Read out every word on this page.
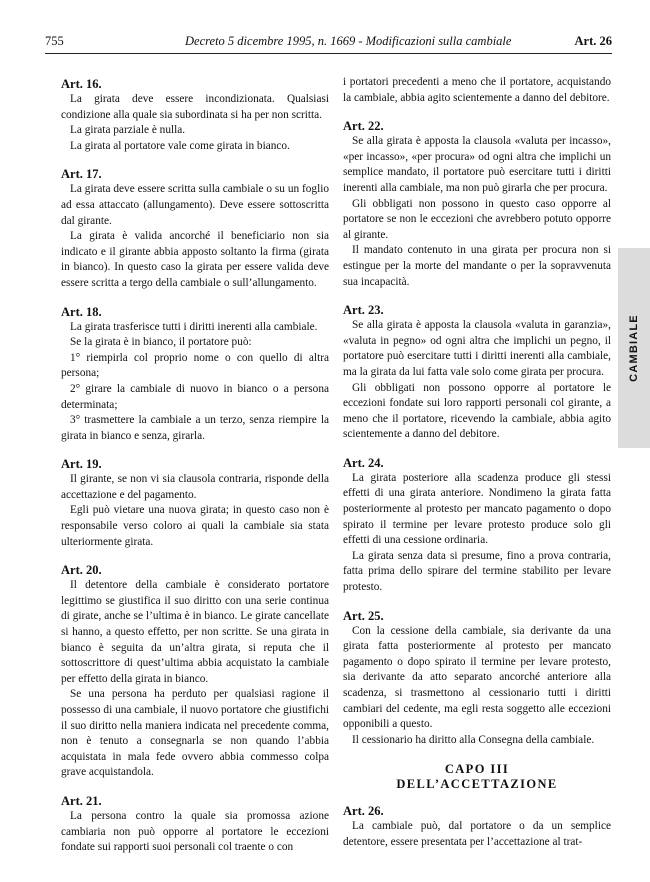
755	Decreto 5 dicembre 1995, n. 1669 - Modificazioni sulla cambiale	Art. 26
Art. 16.

La girata deve essere incondizionata. Qualsiasi condizione alla quale sia subordinata si ha per non scritta.

La girata parziale è nulla.

La girata al portatore vale come girata in bianco.

Art. 17.

La girata deve essere scritta sulla cambiale o su un foglio ad essa attaccato (allungamento). Deve essere sottoscritta dal girante.

La girata è valida ancorché il beneficiario non sia indicato e il girante abbia apposto soltanto la firma (girata in bianco). In questo caso la girata per essere valida deve essere scritta a tergo della cambiale o sull’allungamento.

Art. 18.

La girata trasferisce tutti i diritti inerenti alla cambiale.

Se la girata è in bianco, il portatore può:

1° riempirla col proprio nome o con quello di altra persona;

2° girare la cambiale di nuovo in bianco o a persona determinata;

3° trasmettere la cambiale a un terzo, senza riempire la girata in bianco e senza, girarla.

Art. 19.

Il girante, se non vi sia clausola contraria, risponde della accettazione e del pagamento.

Egli può vietare una nuova girata; in questo caso non è responsabile verso coloro ai quali la cambiale sia stata ulteriormente girata.

Art. 20.

Il detentore della cambiale è considerato portatore legittimo se giustifica il suo diritto con una serie continua di girate, anche se l’ultima è in bianco. Le girate cancellate si hanno, a questo effetto, per non scritte. Se una girata in bianco è seguita da un’altra girata, si reputa che il sottoscrittore di quest’ultima abbia acquistato la cambiale per effetto della girata in bianco.

Se una persona ha perduto per qualsiasi ragione il possesso di una cambiale, il nuovo portatore che giustifichi il suo diritto nella maniera indicata nel precedente comma, non è tenuto a consegnarla se non quando l’abbia acquistata in mala fede ovvero abbia commesso colpa grave acquistandola.

Art. 21.

La persona contro la quale sia promossa azione cambiaria non può opporre al portatore le eccezioni fondate sui rapporti suoi personali col traente o con

i portatori precedenti a meno che il portatore, acquistando la cambiale, abbia agito scientemente a danno del debitore.

Art. 22.

Se alla girata è apposta la clausola «valuta per incasso», «per incasso», «per procura» od ogni altra che implichi un semplice mandato, il portatore può esercitare tutti i diritti inerenti alla cambiale, ma non può girarla che per procura.

Gli obbligati non possono in questo caso opporre al portatore se non le eccezioni che avrebbero potuto opporre al girante.

Il mandato contenuto in una girata per procura non si estingue per la morte del mandante o per la sopravvenuta sua incapacità.

Art. 23.

Se alla girata è apposta la clausola «valuta in garanzia», «valuta in pegno» od ogni altra che implichi un pegno, il portatore può esercitare tutti i diritti inerenti alla cambiale, ma la girata da lui fatta vale solo come girata per procura.

Gli obbligati non possono opporre al portatore le eccezioni fondate sui loro rapporti personali col girante, a meno che il portatore, ricevendo la cambiale, abbia agito scientemente a danno del debitore.

Art. 24.

La girata posteriore alla scadenza produce gli stessi effetti di una girata anteriore. Nondimeno la girata fatta posteriormente al protesto per mancato pagamento o dopo spirato il termine per levare protesto produce solo gli effetti di una cessione ordinaria.

La girata senza data si presume, fino a prova contraria, fatta prima dello spirare del termine stabilito per levare protesto.

Art. 25.

Con la cessione della cambiale, sia derivante da una girata fatta posteriormente al protesto per mancato pagamento o dopo spirato il termine per levare protesto, sia derivante da atto separato ancorché anteriore alla scadenza, si trasmettono al cessionario tutti i diritti cambiari del cedente, ma egli resta soggetto alle eccezioni opponibili a questo.

Il cessionario ha diritto alla Consegna della cambiale.

CAPO III
DELL’ACCETTAZIONE
Art. 26.

La cambiale può, dal portatore o da un semplice detentore, essere presentata per l’accettazione al trat-

CAMBIALE
